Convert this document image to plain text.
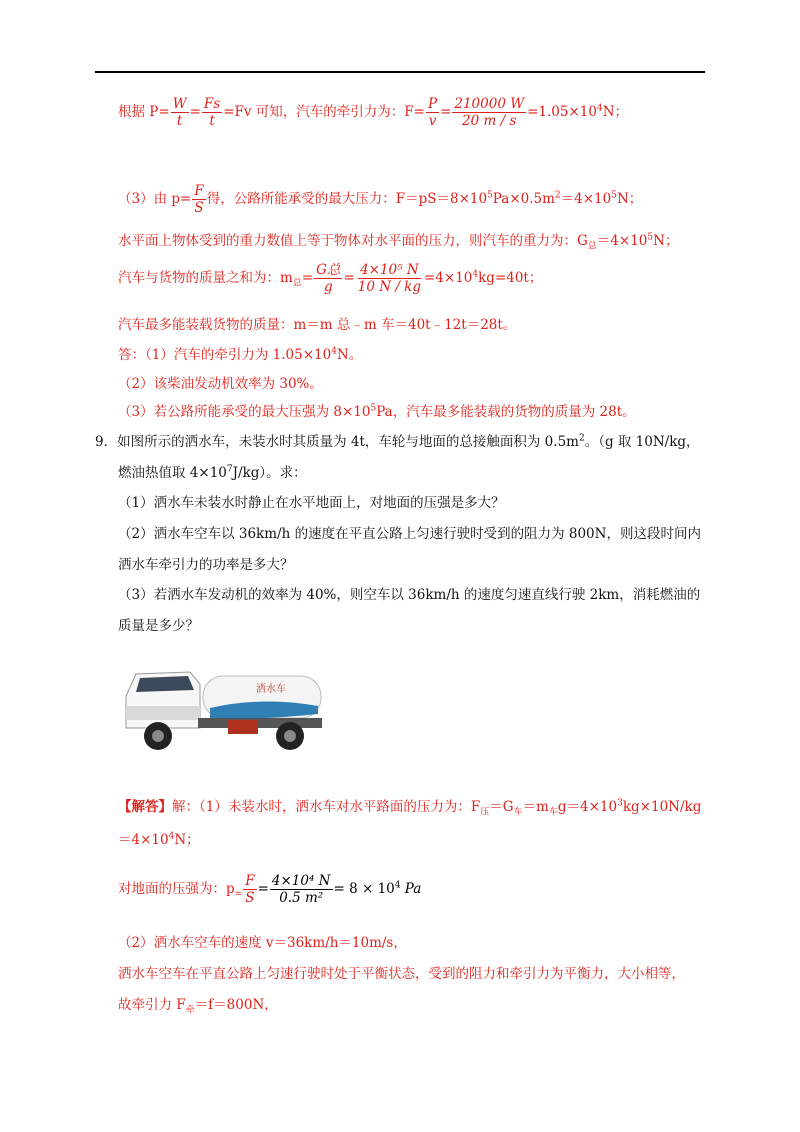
根据 $P= \frac{W}{t} = \frac{Fs}{t} =Fv$ 可知，汽车的牵引力为：$F= \frac{P}{v} = \frac{210000 W}{20 m / s} =1.05\times 10^4N$；
（3）由 $p= \frac{F}{S}$ 得，公路所能承受的最大压力：$F=pS=8\times 10^5Pa\times 0.5m^2=4\times 10^5N$；
水平面上物体受到的重力数值上等于物体对水平面的压力，则汽车的重力为：$G_总=4\times 10^5N$；
汽车与货物的质量之和为：$m_总= \frac{\text{G总}}{g} = \frac{\text{4×10⁵ N}}{10 N / kg} =4\times 10^4kg=40t$；
汽车最多能装载货物的质量：m＝m 总﹣m 车＝40t﹣12t＝28t。
答：（1）汽车的牵引力为 $1.05\times 10^4N$。
（2）该柴油发动机效率为 30%。
（3）若公路所能承受的最大压强为 $8\times 10^5Pa$，汽车最多能装载的货物的质量为 28t。
9．如图所示的洒水车，未装水时其质量为 4t，车轮与地面的总接触面积为 $0.5m^2$。（g 取 10N/kg，
燃油热值取 $4\times 10^7J/kg$）。求：
（1）洒水车未装水时静止在水平地面上，对地面的压强是多大？
（2）洒水车空车以 36km/h 的速度在平直公路上匀速行驶时受到的阻力为 800N，则这段时间内
洒水车牵引力的功率是多大？
（3）若洒水车发动机的效率为 40%，则空车以 36km/h 的速度匀速直线行驶 2km，消耗燃油的
质量是多少？
洒水车
【解答】解：（1）未装水时，洒水车对水平路面的压力为：$F_压=G_车=m_车g=4\times 10^3kg\times 10N/kg$
$=4\times 10^4N$；
对地面的压强为：$p_= \frac{F}{S} = \frac{\text{4×10⁴ N}}{\text{0.5 m²}} = 8 \times 10^4$ Pa
（2）洒水车空车的速度 v＝36km/h＝10m/s，
洒水车空车在平直公路上匀速行驶时处于平衡状态，受到的阻力和牵引力为平衡力，大小相等，
故牵引力 $F_牵=f=800N$，
